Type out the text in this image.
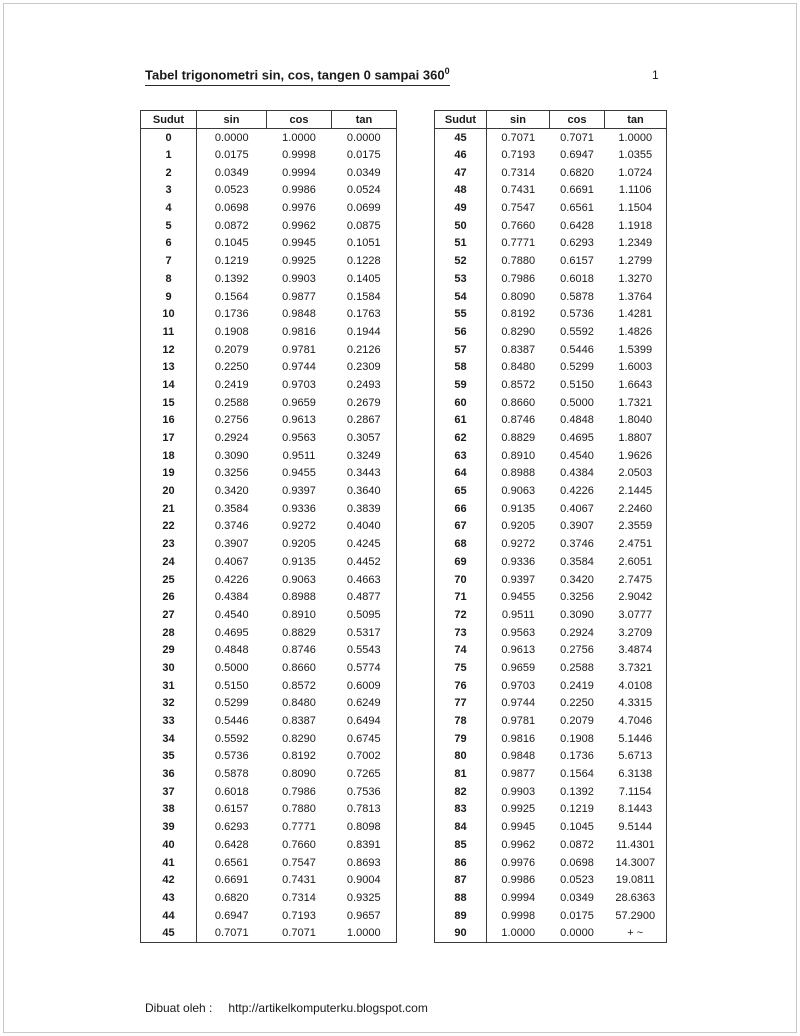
Tabel trigonometri sin, cos, tangen 0 sampai $360^0$	1
Sudut	sin	cos	tan
0	0.0000	1.0000	0.0000
1	0.0175	0.9998	0.0175
2	0.0349	0.9994	0.0349
3	0.0523	0.9986	0.0524
4	0.0698	0.9976	0.0699
5	0.0872	0.9962	0.0875
6	0.1045	0.9945	0.1051
7	0.1219	0.9925	0.1228
8	0.1392	0.9903	0.1405
9	0.1564	0.9877	0.1584
10	0.1736	0.9848	0.1763
11	0.1908	0.9816	0.1944
12	0.2079	0.9781	0.2126
13	0.2250	0.9744	0.2309
14	0.2419	0.9703	0.2493
15	0.2588	0.9659	0.2679
16	0.2756	0.9613	0.2867
17	0.2924	0.9563	0.3057
18	0.3090	0.9511	0.3249
19	0.3256	0.9455	0.3443
20	0.3420	0.9397	0.3640
21	0.3584	0.9336	0.3839
22	0.3746	0.9272	0.4040
23	0.3907	0.9205	0.4245
24	0.4067	0.9135	0.4452
25	0.4226	0.9063	0.4663
26	0.4384	0.8988	0.4877
27	0.4540	0.8910	0.5095
28	0.4695	0.8829	0.5317
29	0.4848	0.8746	0.5543
30	0.5000	0.8660	0.5774
31	0.5150	0.8572	0.6009
32	0.5299	0.8480	0.6249
33	0.5446	0.8387	0.6494
34	0.5592	0.8290	0.6745
35	0.5736	0.8192	0.7002
36	0.5878	0.8090	0.7265
37	0.6018	0.7986	0.7536
38	0.6157	0.7880	0.7813
39	0.6293	0.7771	0.8098
40	0.6428	0.7660	0.8391
41	0.6561	0.7547	0.8693
42	0.6691	0.7431	0.9004
43	0.6820	0.7314	0.9325
44	0.6947	0.7193	0.9657
45	0.7071	0.7071	1.0000
Sudut	sin	cos	tan
45	0.7071	0.7071	1.0000
46	0.7193	0.6947	1.0355
47	0.7314	0.6820	1.0724
48	0.7431	0.6691	1.1106
49	0.7547	0.6561	1.1504
50	0.7660	0.6428	1.1918
51	0.7771	0.6293	1.2349
52	0.7880	0.6157	1.2799
53	0.7986	0.6018	1.3270
54	0.8090	0.5878	1.3764
55	0.8192	0.5736	1.4281
56	0.8290	0.5592	1.4826
57	0.8387	0.5446	1.5399
58	0.8480	0.5299	1.6003
59	0.8572	0.5150	1.6643
60	0.8660	0.5000	1.7321
61	0.8746	0.4848	1.8040
62	0.8829	0.4695	1.8807
63	0.8910	0.4540	1.9626
64	0.8988	0.4384	2.0503
65	0.9063	0.4226	2.1445
66	0.9135	0.4067	2.2460
67	0.9205	0.3907	2.3559
68	0.9272	0.3746	2.4751
69	0.9336	0.3584	2.6051
70	0.9397	0.3420	2.7475
71	0.9455	0.3256	2.9042
72	0.9511	0.3090	3.0777
73	0.9563	0.2924	3.2709
74	0.9613	0.2756	3.4874
75	0.9659	0.2588	3.7321
76	0.9703	0.2419	4.0108
77	0.9744	0.2250	4.3315
78	0.9781	0.2079	4.7046
79	0.9816	0.1908	5.1446
80	0.9848	0.1736	5.6713
81	0.9877	0.1564	6.3138
82	0.9903	0.1392	7.1154
83	0.9925	0.1219	8.1443
84	0.9945	0.1045	9.5144
85	0.9962	0.0872	11.4301
86	0.9976	0.0698	14.3007
87	0.9986	0.0523	19.0811
88	0.9994	0.0349	28.6363
89	0.9998	0.0175	57.2900
90	1.0000	0.0000	+ ~
Dibuat oleh : http://artikelkomputerku.blogspot.com
